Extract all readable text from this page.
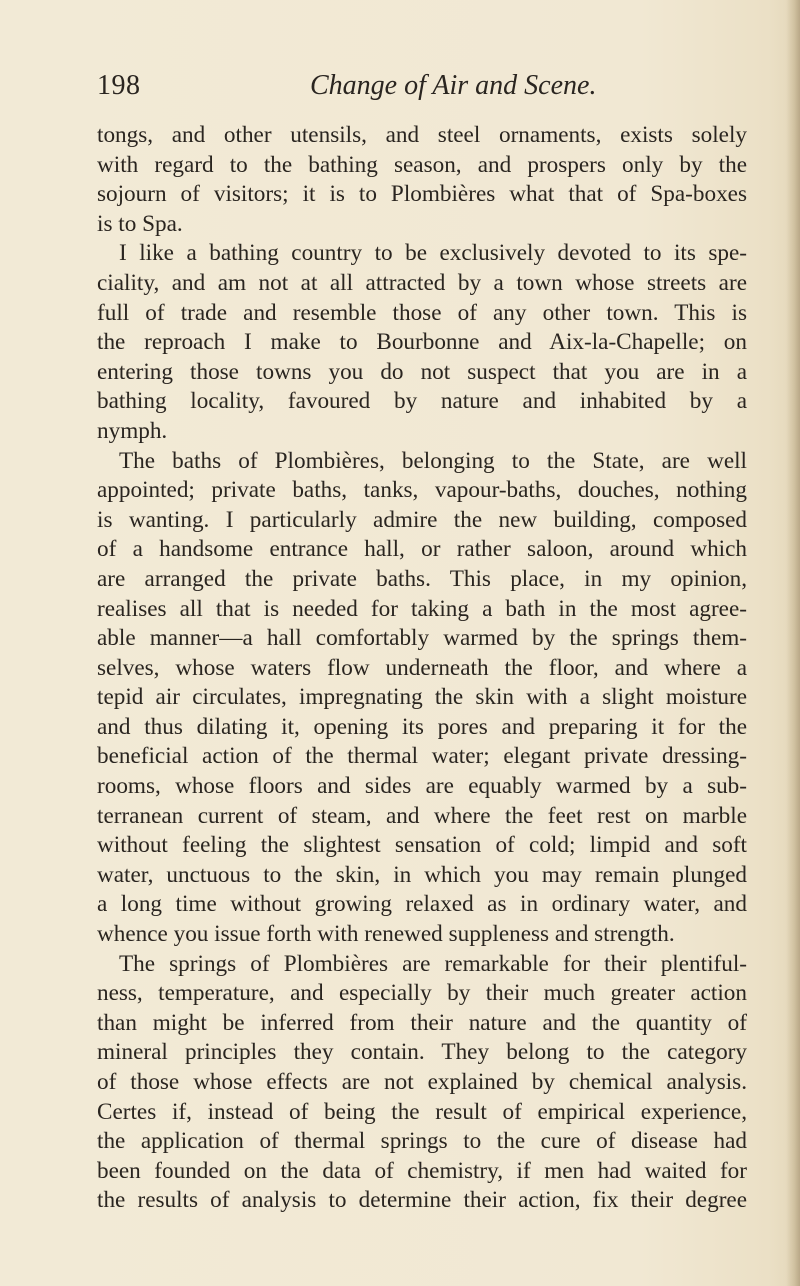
198	Change of Air and Scene.
tongs, and other utensils, and steel ornaments, exists solely
with regard to the bathing season, and prospers only by the
sojourn of visitors; it is to Plombières what that of Spa-boxes
is to Spa.
I like a bathing country to be exclusively devoted to its spe-
ciality, and am not at all attracted by a town whose streets are
full of trade and resemble those of any other town. This is
the reproach I make to Bourbonne and Aix-la-Chapelle; on
entering those towns you do not suspect that you are in a
bathing locality, favoured by nature and inhabited by a
nymph.
The baths of Plombières, belonging to the State, are well
appointed; private baths, tanks, vapour-baths, douches, nothing
is wanting. I particularly admire the new building, composed
of a handsome entrance hall, or rather saloon, around which
are arranged the private baths. This place, in my opinion,
realises all that is needed for taking a bath in the most agree-
able manner—a hall comfortably warmed by the springs them-
selves, whose waters flow underneath the floor, and where a
tepid air circulates, impregnating the skin with a slight moisture
and thus dilating it, opening its pores and preparing it for the
beneficial action of the thermal water; elegant private dressing-
rooms, whose floors and sides are equably warmed by a sub-
terranean current of steam, and where the feet rest on marble
without feeling the slightest sensation of cold; limpid and soft
water, unctuous to the skin, in which you may remain plunged
a long time without growing relaxed as in ordinary water, and
whence you issue forth with renewed suppleness and strength.
The springs of Plombières are remarkable for their plentiful-
ness, temperature, and especially by their much greater action
than might be inferred from their nature and the quantity of
mineral principles they contain. They belong to the category
of those whose effects are not explained by chemical analysis.
Certes if, instead of being the result of empirical experience,
the application of thermal springs to the cure of disease had
been founded on the data of chemistry, if men had waited for
the results of analysis to determine their action, fix their degree
